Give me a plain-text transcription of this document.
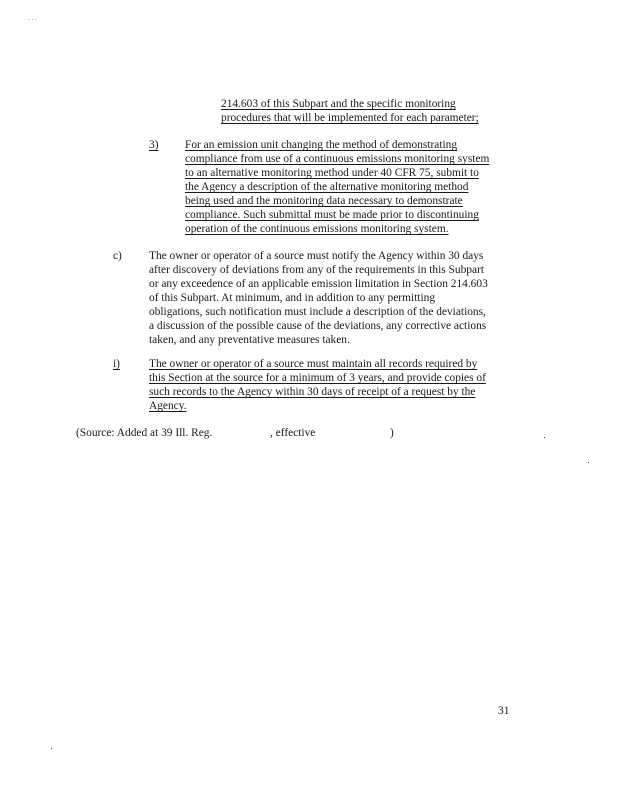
. . .
214.603 of this Subpart and the specific monitoring
procedures that will be implemented for each parameter;
3) For an emission unit changing the method of demonstrating
compliance from use of a continuous emissions monitoring system
to an alternative monitoring method under 40 CFR 75, submit to
the Agency a description of the alternative monitoring method
being used and the monitoring data necessary to demonstrate
compliance. Such submittal must be made prior to discontinuing
operation of the continuous emissions monitoring system.
c) The owner or operator of a source must notify the Agency within 30 days
after discovery of deviations from any of the requirements in this Subpart
or any exceedence of an applicable emission limitation in Section 214.603
of this Subpart. At minimum, and in addition to any permitting
obligations, such notification must include a description of the deviations,
a discussion of the possible cause of the deviations, any corrective actions
taken, and any preventative measures taken.
i)	The owner or operator of a source must maintain all records required by
this Section at the source for a minimum of 3 years, and provide copies of
such records to the Agency within 30 days of receipt of a request by the
Agency.
(Source: Added at 39 Ill. Reg.	, effective	)
31
